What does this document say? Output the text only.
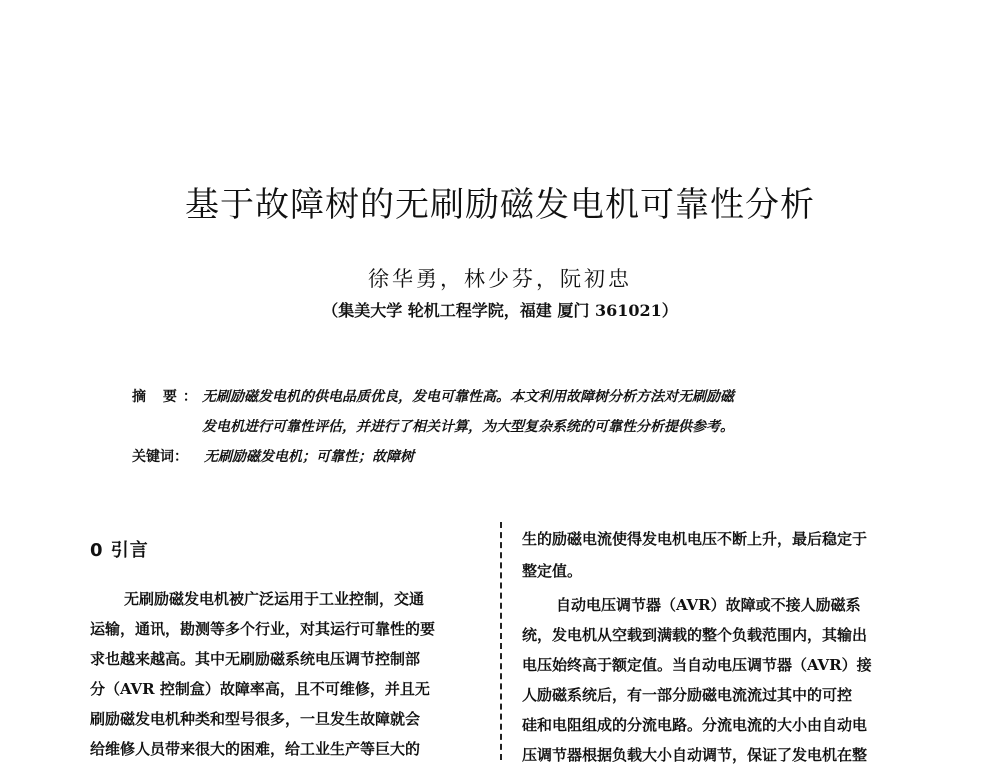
基于故障树的无刷励磁发电机可靠性分析
徐华勇，林少芬，阮初忠
（集美大学 轮机工程学院，福建 厦门 361021）
摘 要： 无刷励磁发电机的供电品质优良，发电可靠性高。本文利用故障树分析方法对无刷励磁
发电机进行可靠性评估，并进行了相关计算，为大型复杂系统的可靠性分析提供参考。
关键词： 无刷励磁发电机；可靠性；故障树
0 引言
无刷励磁发电机被广泛运用于工业控制，交通
运输，通讯，勘测等多个行业，对其运行可靠性的要
求也越来越高。其中无刷励磁系统电压调节控制部
分（AVR 控制盒）故障率高，且不可维修，并且无
刷励磁发电机种类和型号很多，一旦发生故障就会
给维修人员带来很大的困难，给工业生产等巨大的
生的励磁电流使得发电机电压不断上升，最后稳定于
整定值。
自动电压调节器（AVR）故障或不接人励磁系
统，发电机从空载到满载的整个负载范围内，其输出
电压始终高于额定值。当自动电压调节器（AVR）接
人励磁系统后，有一部分励磁电流流过其中的可控
硅和电阻组成的分流电路。分流电流的大小由自动电
压调节器根据负载大小自动调节，保证了发电机在整
